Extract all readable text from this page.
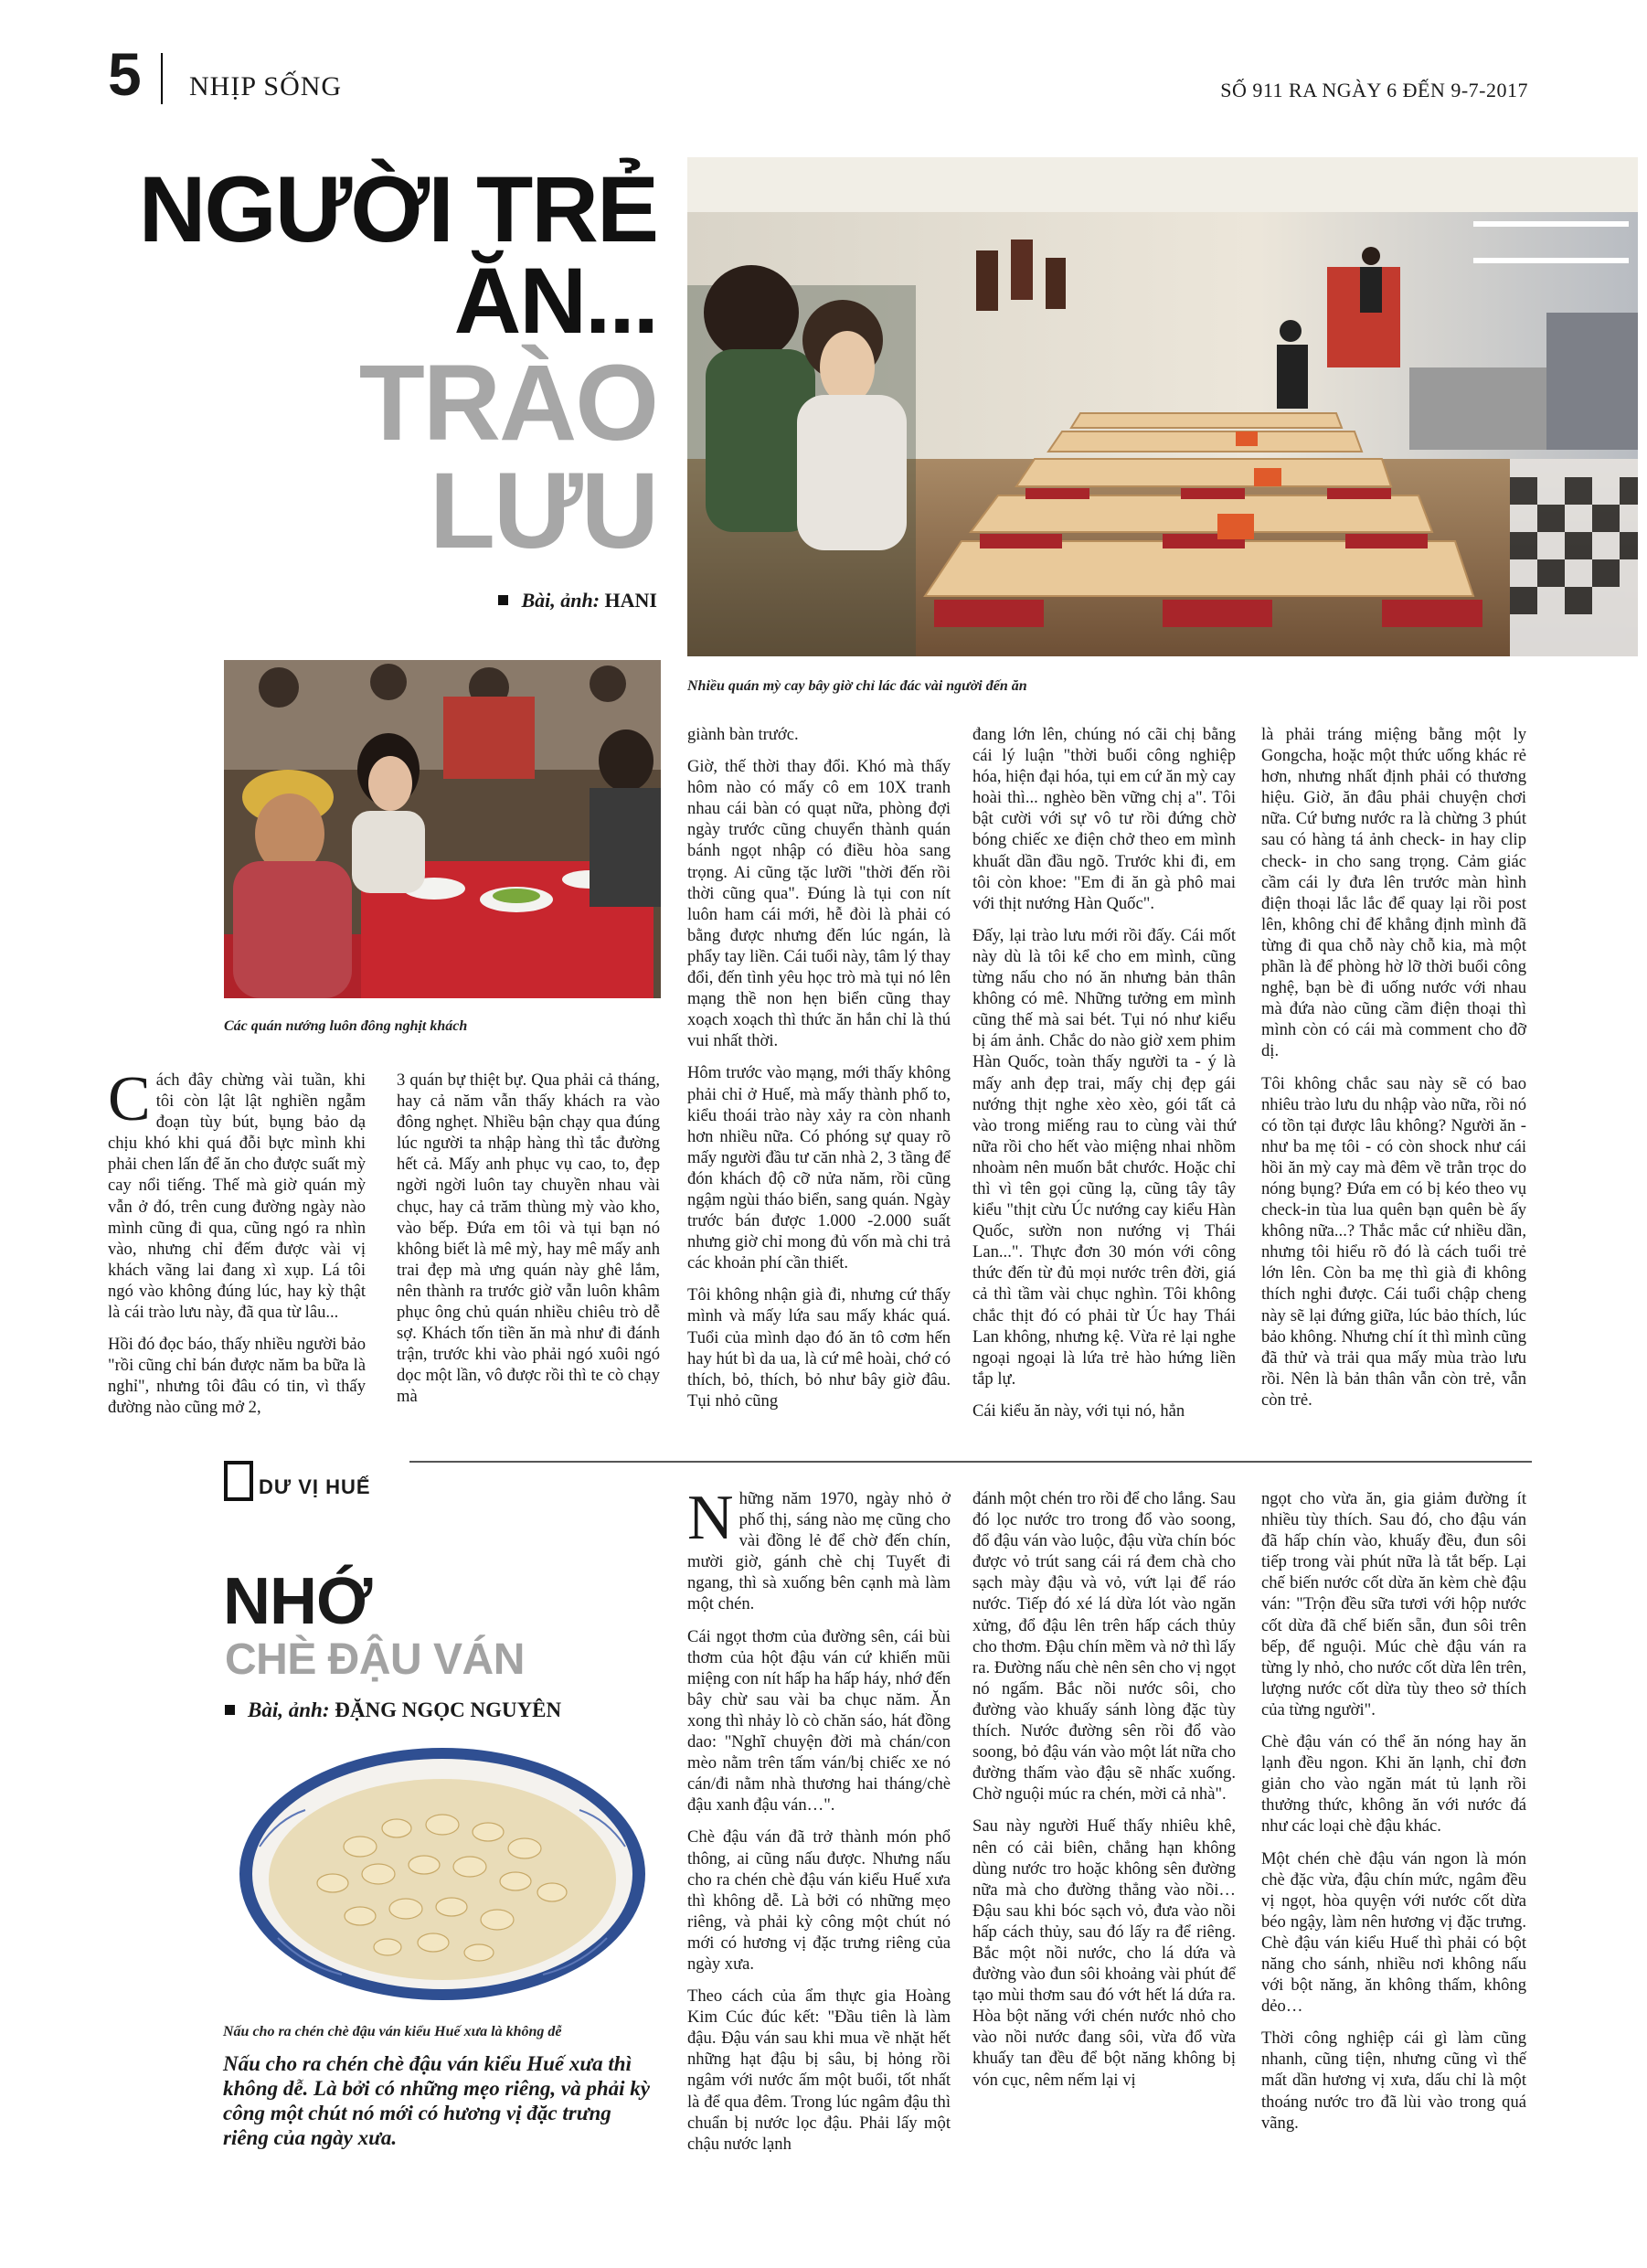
5 NHỊP SỐNG	SỐ 911 RA NGÀY 6 ĐẾN 9-7-2017
NGƯỜI TRẺ
ĂN...
TRÀO
LƯU
Bài, ảnh: HANI
Nhiều quán mỳ cay bây giờ chỉ lác đác vài người đến ăn
Các quán nướng luôn đông nghịt khách

Cách đây chừng vài tuần, khi tôi còn lật lật nghiền ngẫm đoạn tùy bút, bụng bảo dạ chịu khó khi quá đỗi bực mình khi phải chen lấn để ăn cho được suất mỳ cay nổi tiếng. Thế mà giờ quán mỳ vẫn ở đó, trên cung đường ngày nào mình cũng đi qua, cũng ngó ra nhìn vào, nhưng chỉ đếm được vài vị khách vãng lai đang xì xụp. Lá tôi ngó vào không đúng lúc, hay kỳ thật là cái trào lưu này, đã qua từ lâu...

Hồi đó đọc báo, thấy nhiều người bảo "rồi cũng chỉ bán được năm ba bữa là nghỉ", nhưng tôi đâu có tin, vì thấy đường nào cũng mở 2,

3 quán bự thiệt bự. Qua phải cả tháng, hay cả năm vẫn thấy khách ra vào đông nghẹt. Nhiều bận chạy qua đúng lúc người ta nhập hàng thì tắc đường hết cả. Mấy anh phục vụ cao, to, đẹp ngời ngời luôn tay chuyền nhau vài chục, hay cả trăm thùng mỳ vào kho, vào bếp. Đứa em tôi và tụi bạn nó không biết là mê mỳ, hay mê mấy anh trai đẹp mà ưng quán này ghê lắm, nên thành ra trước giờ vẫn luôn khâm phục ông chủ quán nhiều chiêu trò dễ sợ. Khách tốn tiền ăn mà như đi đánh trận, trước khi vào phải ngó xuôi ngó dọc một lần, vô được rồi thì te cò chạy mà

giành bàn trước.

Giờ, thế thời thay đổi. Khó mà thấy hôm nào có mấy cô em 10X tranh nhau cái bàn có quạt nữa, phòng đợi ngày trước cũng chuyển thành quán bánh ngọt nhập có điều hòa sang trọng. Ai cũng tặc lưỡi "thời đến rồi thời cũng qua". Đúng là tụi con nít luôn ham cái mới, hễ đòi là phải có bằng được nhưng đến lúc ngán, là phẩy tay liền. Cái tuổi này, tâm lý thay đổi, đến tình yêu học trò mà tụi nó lên mạng thề non hẹn biển cũng thay xoạch xoạch thì thức ăn hắn chỉ là thú vui nhất thời.

Hôm trước vào mạng, mới thấy không phải chỉ ở Huế, mà mấy thành phố to, kiểu thoái trào này xảy ra còn nhanh hơn nhiều nữa. Có phóng sự quay rõ mấy người đầu tư căn nhà 2, 3 tầng để đón khách độ cỡ nửa năm, rồi cũng ngậm ngùi tháo biển, sang quán. Ngày trước bán được 1.000 -2.000 suất nhưng giờ chỉ mong đủ vốn mà chi trả các khoản phí cần thiết.

Tôi không nhận già đi, nhưng cứ thấy mình và mấy lứa sau mấy khác quá. Tuổi của mình dạo đó ăn tô cơm hến hay hút bì da ua, là cứ mê hoài, chớ có thích, bỏ, thích, bỏ như bây giờ đâu. Tụi nhỏ cũng

đang lớn lên, chúng nó cãi chị bằng cái lý luận "thời buổi công nghiệp hóa, hiện đại hóa, tụi em cứ ăn mỳ cay hoài thì... nghèo bền vững chị a". Tôi bật cười với sự vô tư rồi đứng chờ bóng chiếc xe điện chở theo em mình khuất dần đầu ngõ. Trước khi đi, em tôi còn khoe: "Em đi ăn gà phô mai với thịt nướng Hàn Quốc".

Đấy, lại trào lưu mới rồi đấy. Cái mốt này dù là tôi kể cho em mình, cũng từng nấu cho nó ăn nhưng bản thân không có mê. Những tưởng em mình cũng thế mà sai bét. Tụi nó như kiểu bị ám ảnh. Chắc do nào giờ xem phim Hàn Quốc, toàn thấy người ta - ý là mấy anh đẹp trai, mấy chị đẹp gái nướng thịt nghe xèo xèo, gói tất cả vào trong miếng rau to cùng vài thứ nữa rồi cho hết vào miệng nhai nhồm nhoàm nên muốn bắt chước. Hoặc chỉ thì vì tên gọi cũng lạ, cũng tây tây kiểu "thịt cừu Úc nướng cay kiểu Hàn Quốc, sườn non nướng vị Thái Lan...". Thực đơn 30 món với công thức đến từ đủ mọi nước trên đời, giá cả thì tầm vài chục nghìn. Tôi không chắc thịt đó có phải từ Úc hay Thái Lan không, nhưng kệ. Vừa rẻ lại nghe ngoại ngoại là lứa trẻ hào hứng liền tắp lự.

Cái kiểu ăn này, với tụi nó, hẳn

là phải tráng miệng bằng một ly Gongcha, hoặc một thức uống khác rẻ hơn, nhưng nhất định phải có thương hiệu. Giờ, ăn đâu phải chuyện chơi nữa. Cứ bưng nước ra là chừng 3 phút sau có hàng tá ảnh check- in hay clip check- in cho sang trọng. Cảm giác cầm cái ly đưa lên trước màn hình điện thoại lắc lắc để quay lại rồi post lên, không chỉ để khẳng định mình đã từng đi qua chỗ này chỗ kia, mà một phần là để phòng hờ lỡ thời buổi công nghệ, bạn bè đi uống nước với nhau mà đứa nào cũng cầm điện thoại thì mình còn có cái mà comment cho đỡ dị.

Tôi không chắc sau này sẽ có bao nhiêu trào lưu du nhập vào nữa, rồi nó có tồn tại được lâu không? Người ăn - như ba mẹ tôi - có còn shock như cái hồi ăn mỳ cay mà đêm về trằn trọc do nóng bụng? Đứa em có bị kéo theo vụ check-in tùa lua quên bạn quên bè ấy không nữa...? Thắc mắc cứ nhiều dần, nhưng tôi hiểu rõ đó là cách tuổi trẻ lớn lên. Còn ba mẹ thì già đi không thích nghi được. Cái tuổi chập cheng này sẽ lại đứng giữa, lúc bảo thích, lúc bảo không. Nhưng chí ít thì mình cũng đã thử và trải qua mấy mùa trào lưu rồi. Nên là bản thân vẫn còn trẻ, vẫn còn trẻ.

DƯ VỊ HUẾ
NHỚ
CHÈ ĐẬU VÁN
Bài, ảnh: ĐẶNG NGỌC NGUYÊN
Nấu cho ra chén chè đậu ván kiểu Huế xưa là không dễ
Nấu cho ra chén chè đậu ván kiểu Huế xưa thì không dễ. Là bởi có những mẹo riêng, và phải kỳ công một chút nó mới có hương vị đặc trưng riêng của ngày xưa.

Những năm 1970, ngày nhỏ ở phố thị, sáng nào mẹ cũng cho vài đồng lẻ để chờ đến chín, mười giờ, gánh chè chị Tuyết đi ngang, thì sà xuống bên cạnh mà làm một chén.

Cái ngọt thơm của đường sên, cái bùi thơm của hột đậu ván cứ khiến mũi miệng con nít hấp ha hấp háy, nhớ đến bây chừ sau vài ba chục năm. Ăn xong thì nhảy lò cò chăn sáo, hát đồng dao: "Nghĩ chuyện đời mà chán/con mèo nằm trên tấm ván/bị chiếc xe nó cán/đi nằm nhà thương hai tháng/chè đậu xanh đậu ván…".

Chè đậu ván đã trở thành món phổ thông, ai cũng nấu được. Nhưng nấu cho ra chén chè đậu ván kiểu Huế xưa thì không dễ. Là bởi có những mẹo riêng, và phải kỳ công một chút nó mới có hương vị đặc trưng riêng của ngày xưa.

Theo cách của ẩm thực gia Hoàng Kim Cúc đúc kết: "Đầu tiên là làm đậu. Đậu ván sau khi mua về nhặt hết những hạt đậu bị sâu, bị hỏng rồi ngâm với nước ấm một buổi, tốt nhất là để qua đêm. Trong lúc ngâm đậu thì chuẩn bị nước lọc đậu. Phải lấy một chậu nước lạnh

đánh một chén tro rồi để cho lắng. Sau đó lọc nước tro trong đổ vào soong, đổ đậu ván vào luộc, đậu vừa chín bóc được vỏ trút sang cái rá đem chà cho sạch mày đậu và vỏ, vứt lại để ráo nước. Tiếp đó xé lá dừa lót vào ngăn xửng, đổ đậu lên trên hấp cách thủy cho thơm. Đậu chín mềm và nở thì lấy ra. Đường nấu chè nên sên cho vị ngọt nó ngấm. Bắc nồi nước sôi, cho đường vào khuấy sánh lòng đặc tùy thích. Nước đường sên rồi đổ vào soong, bỏ đậu ván vào một lát nữa cho đường thấm vào đậu sẽ nhấc xuống. Chờ nguội múc ra chén, mời cả nhà".

Sau này người Huế thấy nhiêu khê, nên có cải biên, chẳng hạn không dùng nước tro hoặc không sên đường nữa mà cho đường thẳng vào nồi… Đậu sau khi bóc sạch vỏ, đưa vào nồi hấp cách thủy, sau đó lấy ra để riêng. Bắc một nồi nước, cho lá dứa và đường vào đun sôi khoảng vài phút để tạo mùi thơm sau đó vớt hết lá dứa ra. Hòa bột năng với chén nước nhỏ cho vào nồi nước đang sôi, vừa đổ vừa khuấy tan đều để bột năng không bị vón cục, nêm nếm lại vị

ngọt cho vừa ăn, gia giảm đường ít nhiều tùy thích. Sau đó, cho đậu ván đã hấp chín vào, khuấy đều, đun sôi tiếp trong vài phút nữa là tắt bếp. Lại chế biến nước cốt dừa ăn kèm chè đậu ván: "Trộn đều sữa tươi với hộp nước cốt dừa đã chế biến sẵn, đun sôi trên bếp, để nguội. Múc chè đậu ván ra từng ly nhỏ, cho nước cốt dừa lên trên, lượng nước cốt dừa tùy theo sở thích của từng người".

Chè đậu ván có thể ăn nóng hay ăn lạnh đều ngon. Khi ăn lạnh, chỉ đơn giản cho vào ngăn mát tủ lạnh rồi thưởng thức, không ăn với nước đá như các loại chè đậu khác.

Một chén chè đậu ván ngon là món chè đặc vừa, đậu chín mức, ngâm đều vị ngọt, hòa quyện với nước cốt dừa béo ngậy, làm nên hương vị đặc trưng. Chè đậu ván kiểu Huế thì phải có bột năng cho sánh, nhiều nơi không nấu với bột năng, ăn không thấm, không dẻo…

Thời công nghiệp cái gì làm cũng nhanh, cũng tiện, nhưng cũng vì thế mất dần hương vị xưa, dấu chỉ là một thoáng nước tro đã lùi vào trong quá vãng.
